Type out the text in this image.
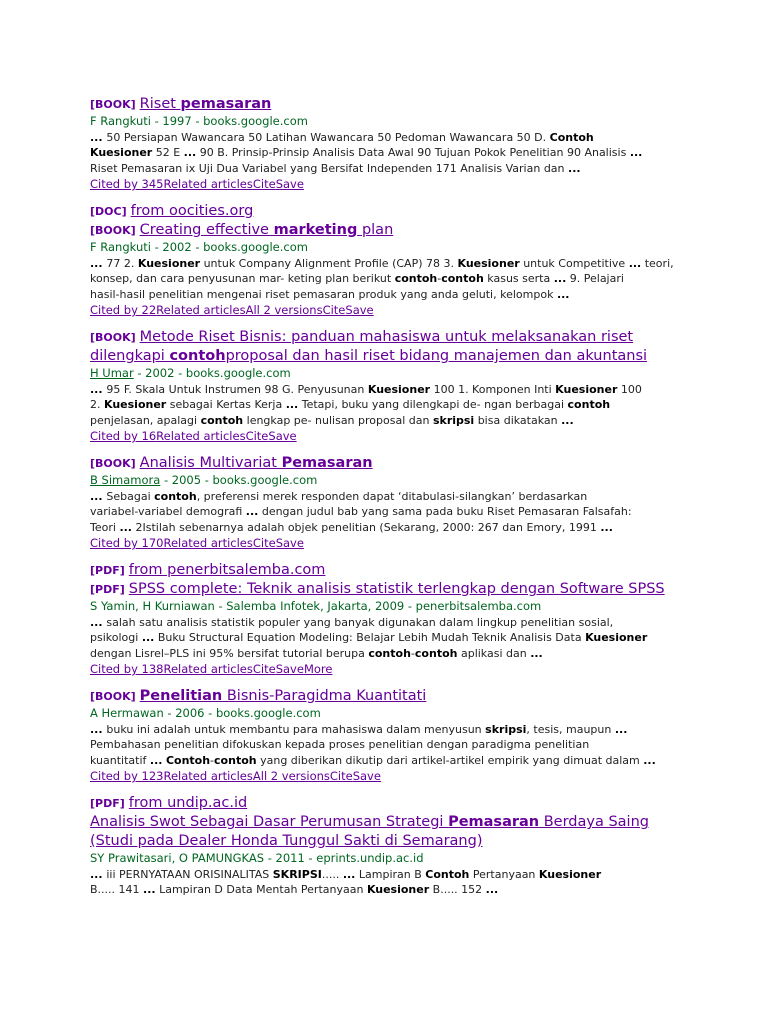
[BOOK] Riset pemasaran
F Rangkuti - 1997 - books.google.com
... 50 Persiapan Wawancara 50 Latihan Wawancara 50 Pedoman Wawancara 50 D. Contoh
Kuesioner 52 E ... 90 B. Prinsip-Prinsip Analisis Data Awal 90 Tujuan Pokok Penelitian 90 Analisis ...
Riset Pemasaran ix Uji Dua Variabel yang Bersifat Independen 171 Analisis Varian dan ...
Cited by 345Related articlesCiteSave
[DOC] from oocities.org
[BOOK] Creating effective marketing plan
F Rangkuti - 2002 - books.google.com
... 77 2. Kuesioner untuk Company Alignment Profile (CAP) 78 3. Kuesioner untuk Competitive ... teori,
konsep, dan cara penyusunan mar- keting plan berikut contoh-contoh kasus serta ... 9. Pelajari
hasil-hasil penelitian mengenai riset pemasaran produk yang anda geluti, kelompok ...
Cited by 22Related articlesAll 2 versionsCiteSave
[BOOK] Metode Riset Bisnis: panduan mahasiswa untuk melaksanakan riset
dilengkapi contohproposal dan hasil riset bidang manajemen dan akuntansi
H Umar - 2002 - books.google.com
... 95 F. Skala Untuk Instrumen 98 G. Penyusunan Kuesioner 100 1. Komponen Inti Kuesioner 100
2. Kuesioner sebagai Kertas Kerja ... Tetapi, buku yang dilengkapi de- ngan berbagai contoh
penjelasan, apalagi contoh lengkap pe- nulisan proposal dan skripsi bisa dikatakan ...
Cited by 16Related articlesCiteSave
[BOOK] Analisis Multivariat Pemasaran
B Simamora - 2005 - books.google.com
... Sebagai contoh, preferensi merek responden dapat ‘ditabulasi-silangkan’ berdasarkan
variabel-variabel demografi ... dengan judul bab yang sama pada buku Riset Pemasaran Falsafah:
Teori ... 2Istilah sebenarnya adalah objek penelitian (Sekarang, 2000: 267 dan Emory, 1991 ...
Cited by 170Related articlesCiteSave
[PDF] from penerbitsalemba.com
[PDF] SPSS complete: Teknik analisis statistik terlengkap dengan Software SPSS
S Yamin, H Kurniawan - Salemba Infotek, Jakarta, 2009 - penerbitsalemba.com
... salah satu analisis statistik populer yang banyak digunakan dalam lingkup penelitian sosial,
psikologi ... Buku Structural Equation Modeling: Belajar Lebih Mudah Teknik Analisis Data Kuesioner
dengan Lisrel–PLS ini 95% bersifat tutorial berupa contoh-contoh aplikasi dan ...
Cited by 138Related articlesCiteSaveMore
[BOOK] Penelitian Bisnis-Paragidma Kuantitati
A Hermawan - 2006 - books.google.com
... buku ini adalah untuk membantu para mahasiswa dalam menyusun skripsi, tesis, maupun ...
Pembahasan penelitian difokuskan kepada proses penelitian dengan paradigma penelitian
kuantitatif ... Contoh-contoh yang diberikan dikutip dari artikel-artikel empirik yang dimuat dalam ...
Cited by 123Related articlesAll 2 versionsCiteSave
[PDF] from undip.ac.id
Analisis Swot Sebagai Dasar Perumusan Strategi Pemasaran Berdaya Saing
(Studi pada Dealer Honda Tunggul Sakti di Semarang)
SY Prawitasari, O PAMUNGKAS - 2011 - eprints.undip.ac.id
... iii PERNYATAAN ORISINALITAS SKRIPSI..... ... Lampiran B Contoh Pertanyaan Kuesioner
B..... 141 ... Lampiran D Data Mentah Pertanyaan Kuesioner B..... 152 ...
